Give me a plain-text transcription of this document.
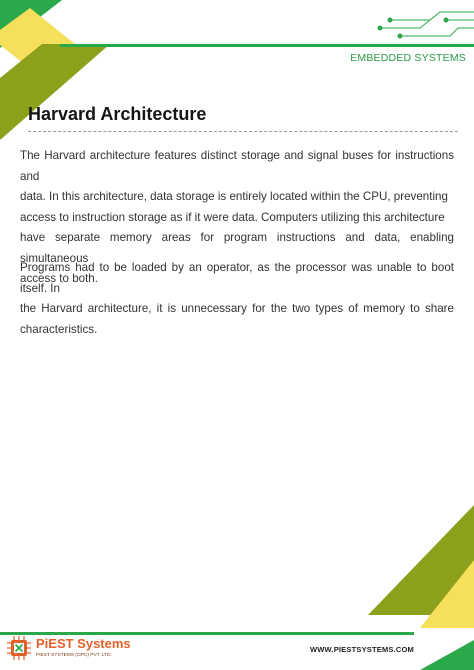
EMBEDDED SYSTEMS
Harvard Architecture
The Harvard architecture features distinct storage and signal buses for instructions and
data. In this architecture, data storage is entirely located within the CPU, preventing
access to instruction storage as if it were data. Computers utilizing this architecture
have separate memory areas for program instructions and data, enabling simultaneous
access to both.
Programs had to be loaded by an operator, as the processor was unable to boot itself. In
the Harvard architecture, it is unnecessary for the two types of memory to share
characteristics.
PiEST Systems
PIEST SYSTEMS (OPC) PVT. LTD.
WWW.PIESTSYSTEMS.COM
